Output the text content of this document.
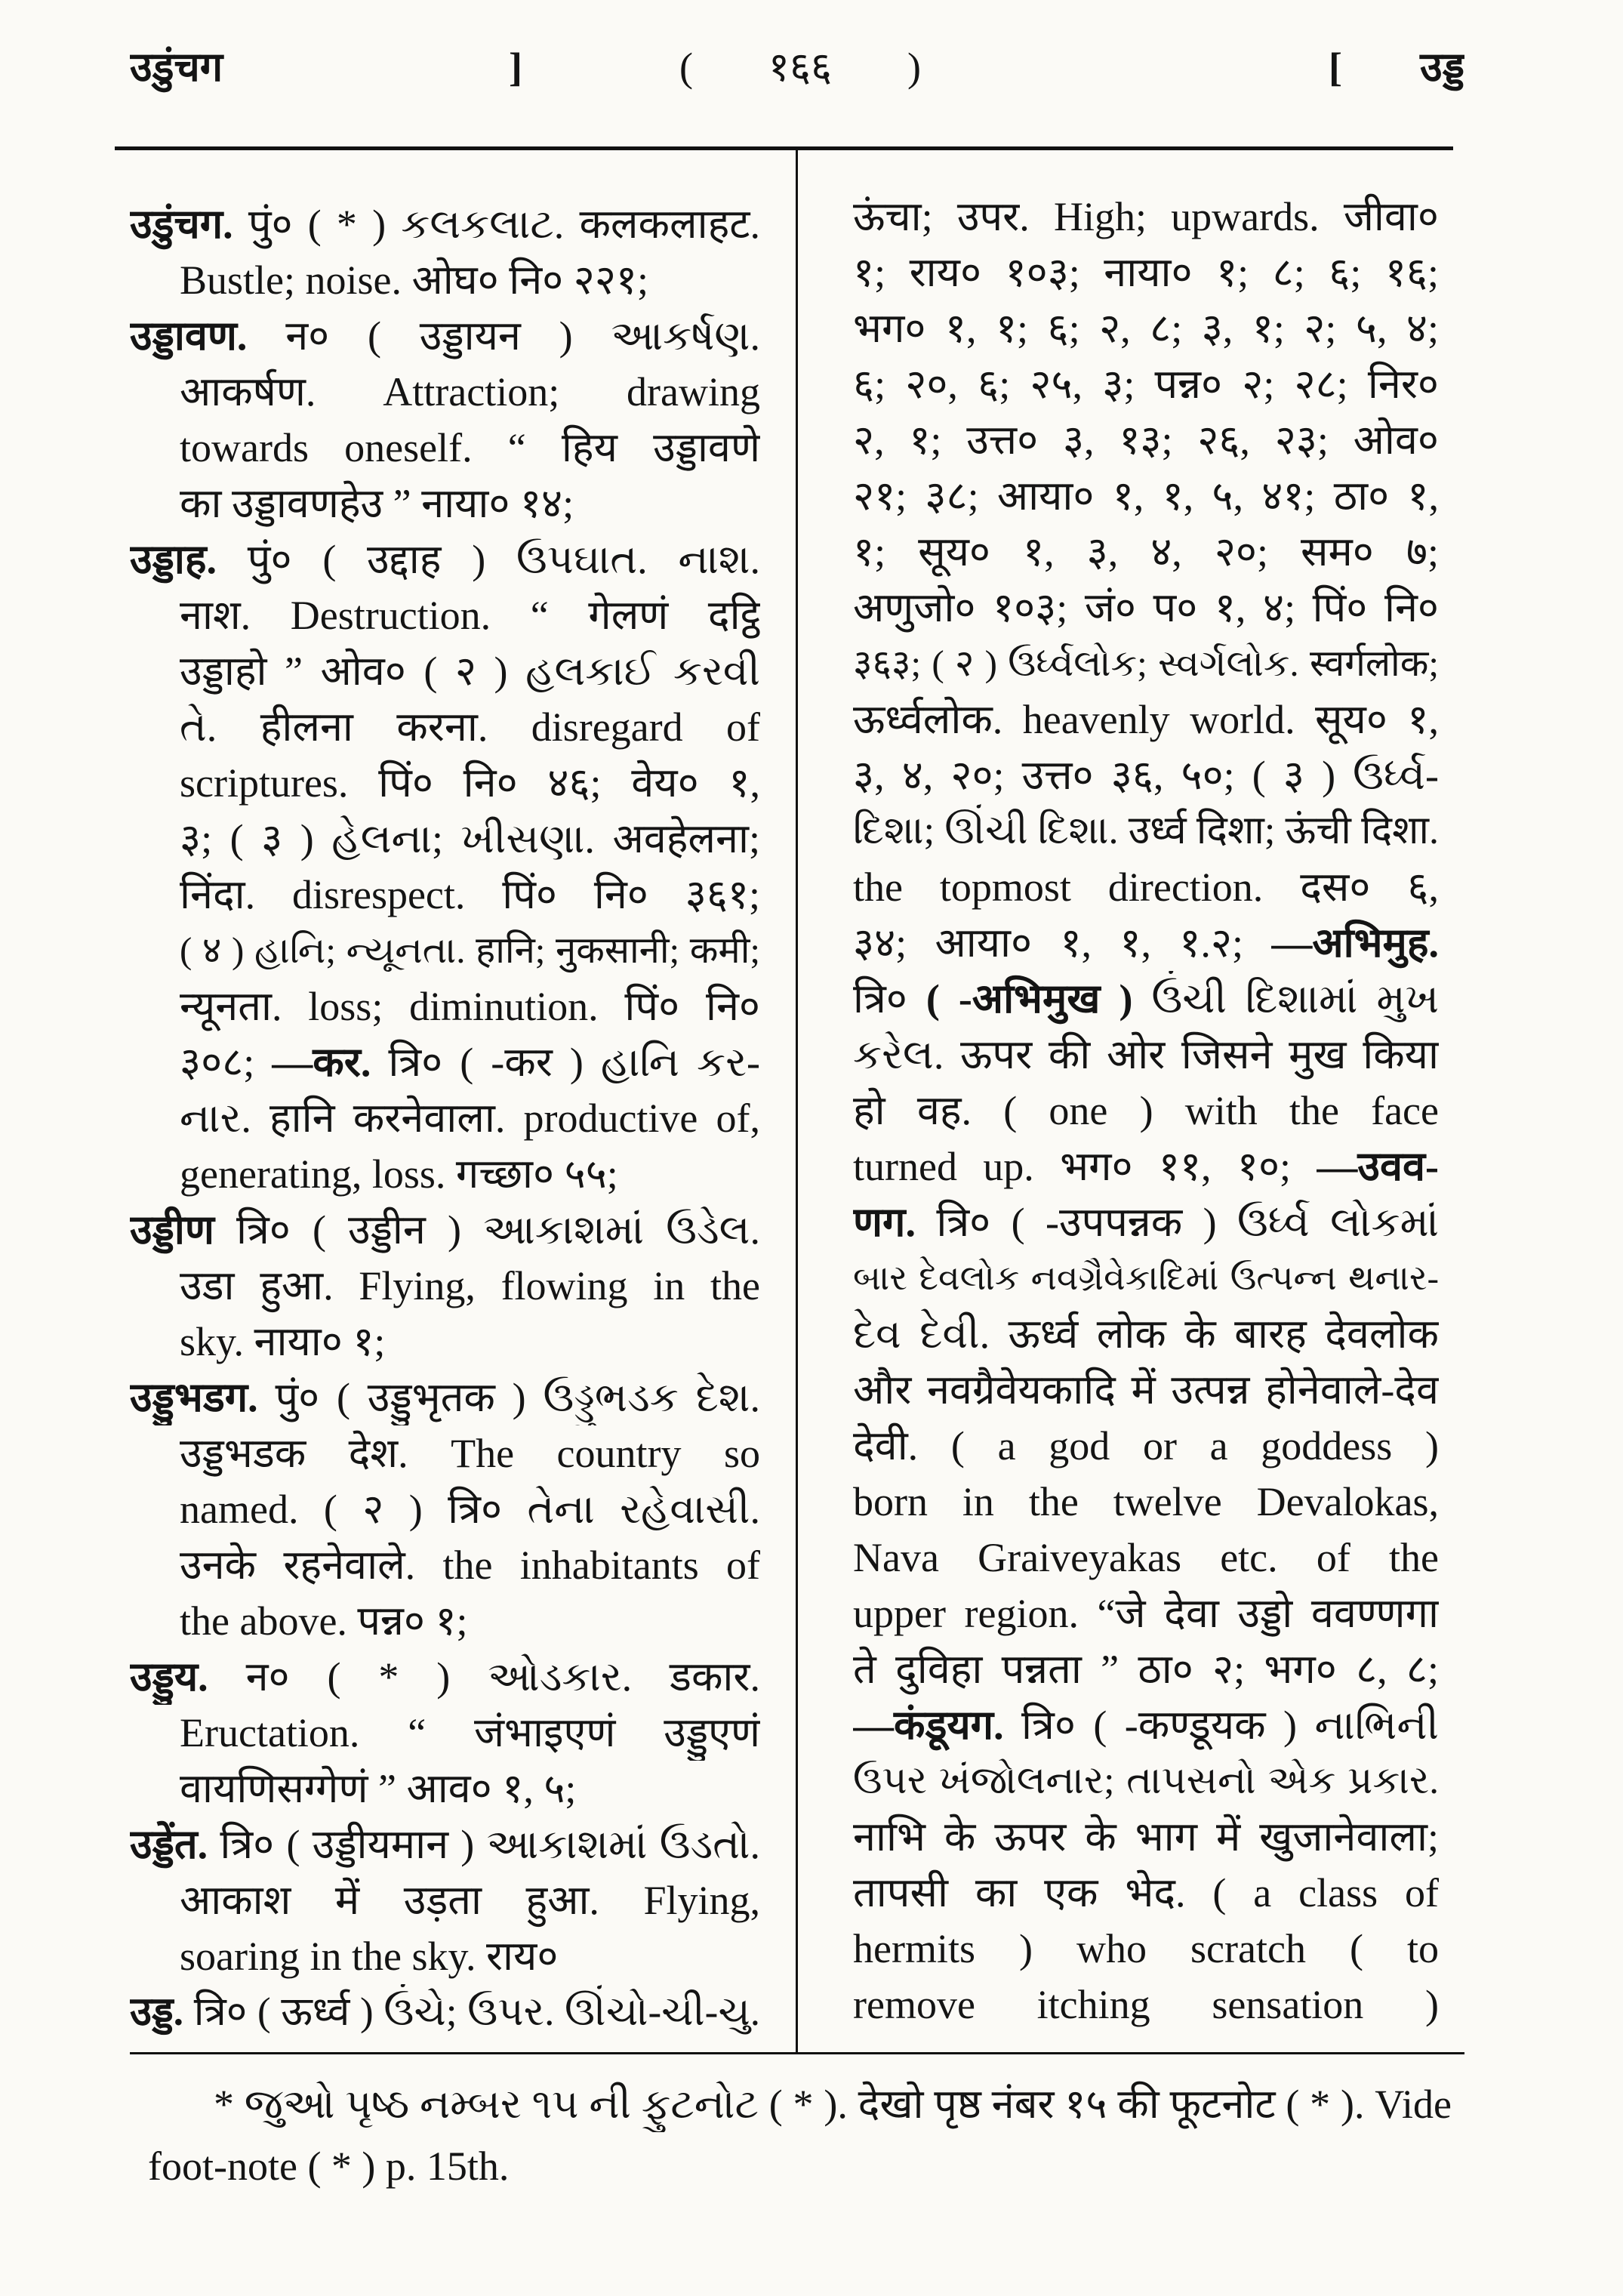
उडुंचग ]	( १६६ )	[ उड्ड
उडुंचग. पुं० ( * ) કલકલાટ. कलकलाहट.
Bustle; noise. ओघ० नि० २२१;
उड्डावण. न० ( उड्डायन ) આકર્ષણ.
आकर्षण. Attraction; drawing
towards oneself. “ हिय उड्डावणे
का उड्डावणहेउ ” नाया० १४;
उड्डाह. पुं० ( उद्दाह ) ઉપઘાત. નાશ.
नाश. Destruction. “ गेलणं दट्ठि
उड्डाहो ” ओव० ( २ ) હલકાઈ કરવી
તે. हीलना करना. disregard of
scriptures. पिं० नि० ४६; वेय० १,
३; ( ३ ) હેલના; ખીસણા. अवहेलना;
निंदा. disrespect. पिं० नि० ३६१;
( ४ ) હાનિ; ન્યૂનતા. हानि; नुकसानी; कमी;
न्यूनता. loss; diminution. पिं० नि०
३०८; —कर. त्रि० ( -कर ) હાનિ કર-
નાર. हानि करनेवाला. productive of,
generating, loss. गच्छा० ५५;
उड्डीण त्रि० ( उड्डीन ) આકાશમાં ઉડેલ.
उडा हुआ. Flying, flowing in the
sky. नाया० १;
उड्डुभडग. पुं० ( उड्डुभृतक ) ઉડ્ડુભડક દેશ.
उड्डभडक देश. The country so
named. ( २ ) त्रि० તેના રહેવાસી.
उनके रहनेवाले. the inhabitants of
the above. पन्न० १;
उड्डुय. न० ( * ) ઓડકાર. डकार.
Eructation. “ जंभाइएणं उड्डुएणं
वायणिसग्गेणं ” आव० १, ५;
उड्डेंत. त्रि० ( उड्डीयमान ) આકાશમાં ઉડતો.
आकाश में उड़ता हुआ. Flying,
soaring in the sky. राय०
उड्ड. त्रि० ( ऊर्ध्व ) ઉંચે; ઉપર. ઊંચો-ચી-ચુ.
ऊंचा; उपर. High; upwards. जीवा०
१; राय० १०३; नाया० १; ८; ६; १६;
भग० १, १; ६; २, ८; ३, १; २; ५, ४;
६; २०, ६; २५, ३; पन्न० २; २८; निर०
२, १; उत्त० ३, १३; २६, २३; ओव०
२१; ३८; आया० १, १, ५, ४१; ठा० १,
१; सूय० १, ३, ४, २०; सम० ७;
अणुजो० १०३; जं० प० १, ४; पिं० नि०
३६३; ( २ ) ઉર્ધ્વલોક; સ્વર્ગલોક. स्वर्गलोक;
ऊर्ध्वलोक. heavenly world. सूय० १,
३, ४, २०; उत्त० ३६, ५०; ( ३ ) ઉર્ધ્વ-
દિશા; ઊંચી દિશા. उर्ध्व दिशा; ऊंची दिशा.
the topmost direction. दस० ६,
३४; आया० १, १, १.२; —अभिमुह.
त्रि० ( -अभिमुख ) ઉંચી દિશામાં મુખ
કરેલ. ऊपर की ओर जिसने मुख किया
हो वह. ( one ) with the face
turned up. भग० ११, १०; —उवव-
णग. त्रि० ( -उपपन्नक ) ઉર્ધ્વ લોકમાં
બાર દેવલોક નવગ્રૈવેકાદિમાં ઉત્પન્ન થનાર-
દેવ દેવી. ऊर्ध्व लोक के बारह देवलोक
और नवग्रैवेयकादि में उत्पन्न होनेवाले-देव
देवी. ( a god or a goddess )
born in the twelve Devalokas,
Nava Graiveyakas etc. of the
upper region. “जे देवा उड्डो ववण्णगा
ते दुविहा पन्नता ” ठा० २; भग० ८, ८;
—कंडूयग. त्रि० ( -कण्डूयक ) નાભિની
ઉપર ખંજોલનાર; તાપસનો એક પ્રકાર.
नाभि के ऊपर के भाग में खुजानेवाला;
तापसी का एक भेद. ( a class of
hermits ) who scratch ( to
remove itching sensation )
* જુઓ પૃષ્ઠ નમ્બર ૧૫ ની ફુટનોટ ( * ). देखो पृष्ठ नंबर १५ की फूटनोट ( * ). Vide
foot-note ( * ) p. 15th.
